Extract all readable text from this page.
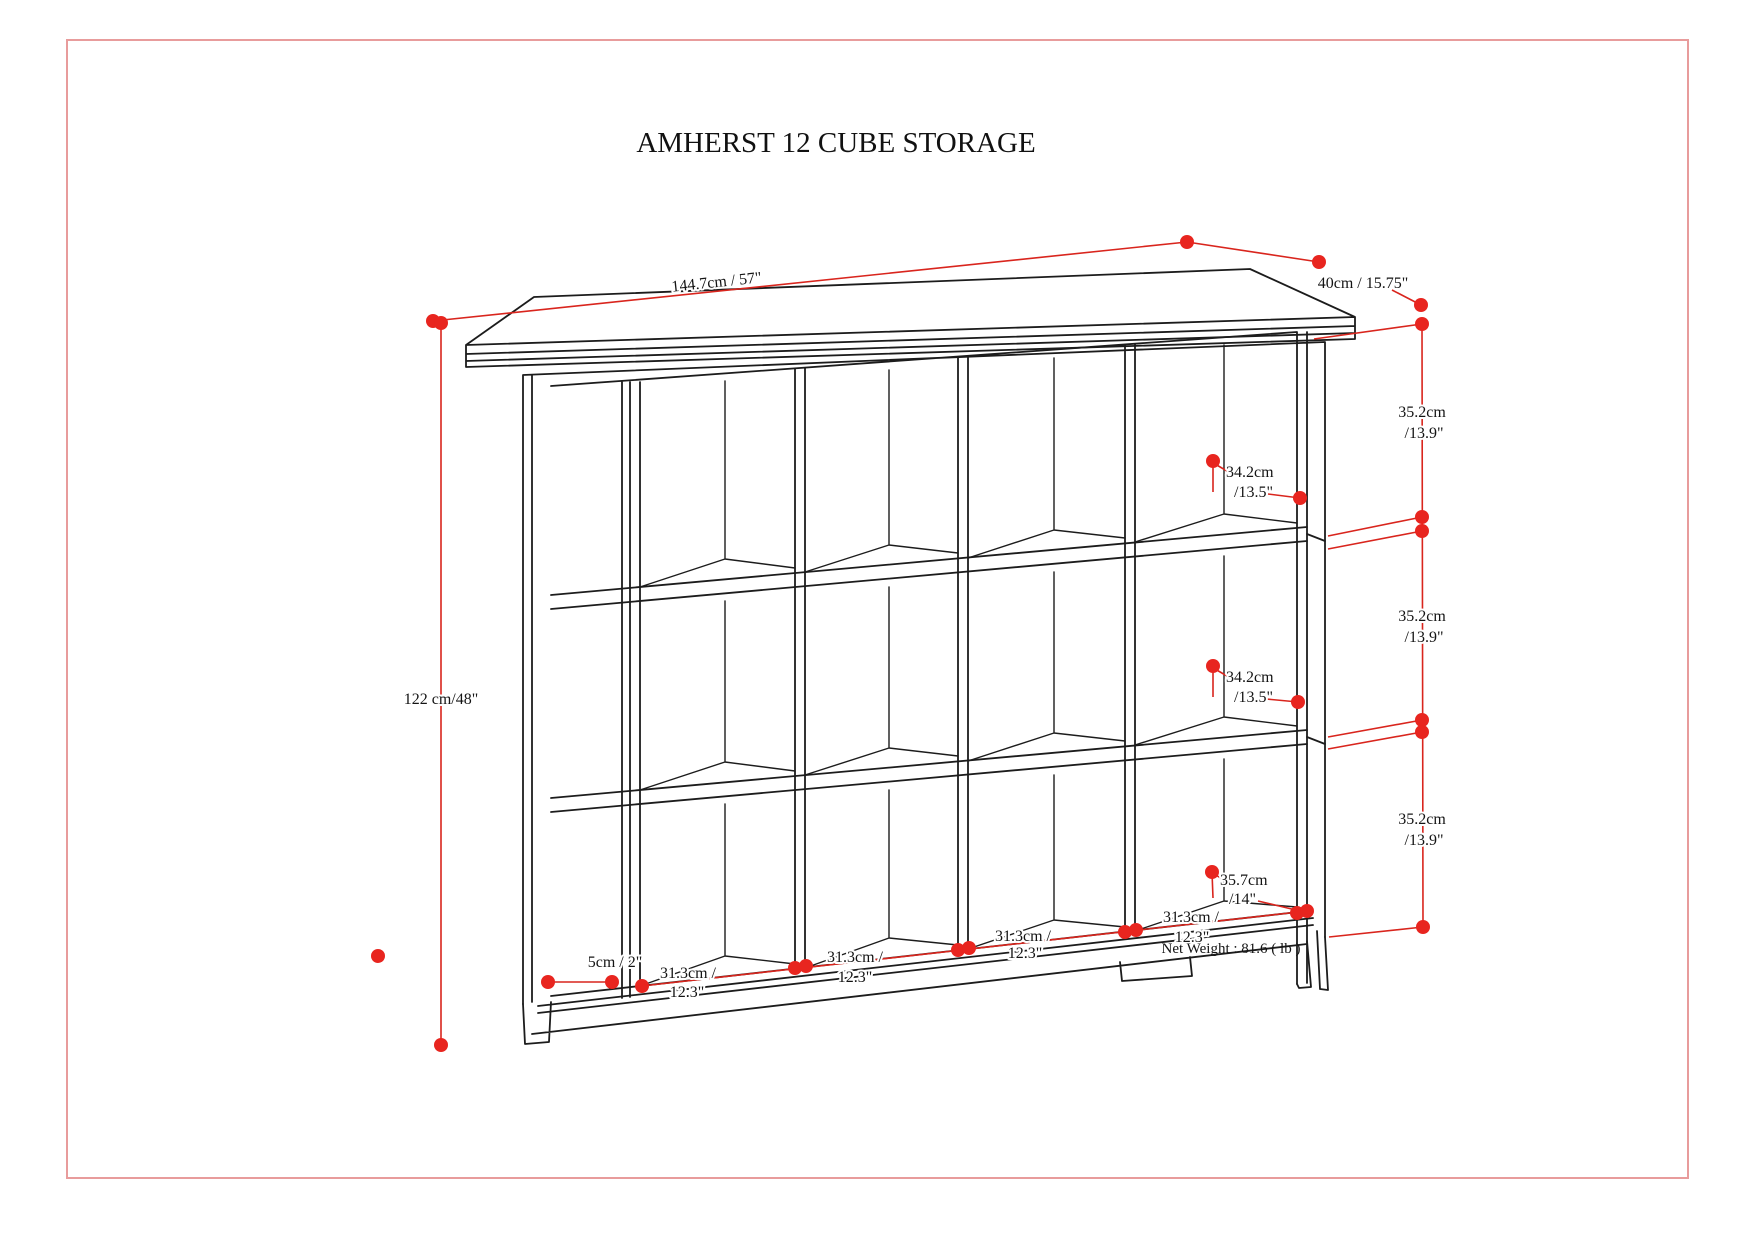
AMHERST 12 CUBE STORAGE
144.7cm / 57"	40cm / 15.75"
122 cm/48"
35.2cm
/13.9"
35.2cm
/13.9"
35.2cm
/13.9"
34.2cm
/13.5"
34.2cm
/13.5"
35.7cm
/14"
31.3cm /
12.3"
31.3cm /
12.3"
31.3cm /
12.3"
31.3cm /
12.3"
5cm / 2"
Net Weight : 81.6 ( lb )
